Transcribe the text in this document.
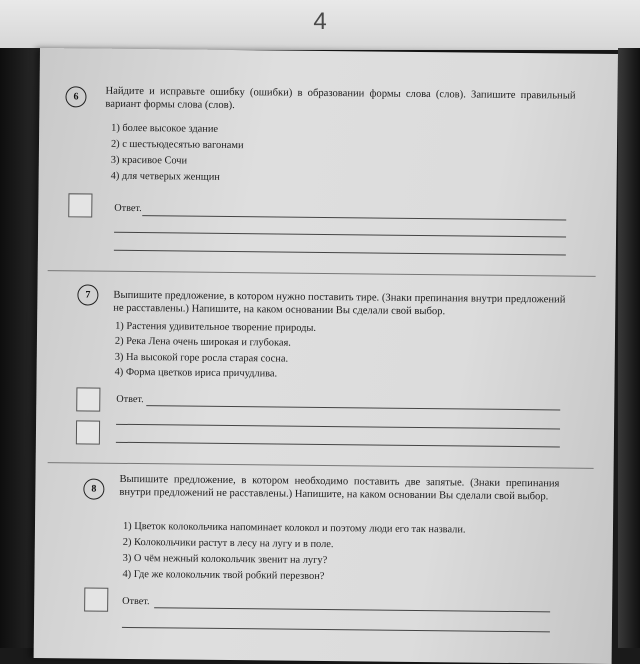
4
6	Найдите и исправьте ошибку (ошибки) в образовании формы слова (слов). Запишите правильный вариант формы слова (слов).
1) более высокое здание
2) с шестьюдесятью вагонами
3) красивое Сочи
4) для четверых женщин
Ответ.
7	Выпишите предложение, в котором нужно поставить тире. (Знаки препинания внутри предложений не расставлены.) Напишите, на каком основании Вы сделали свой выбор.
1) Растения удивительное творение природы.
2) Река Лена очень широкая и глубокая.
3) На высокой горе росла старая сосна.
4) Форма цветков ириса причудлива.
Ответ.
8	Выпишите предложение, в котором необходимо поставить две запятые. (Знаки препинания внутри предложений не расставлены.) Напишите, на каком основании Вы сделали свой выбор.
1) Цветок колокольчика напоминает колокол и поэтому люди его так назвали.
2) Колокольчики растут в лесу на лугу и в поле.
3) О чём нежный колокольчик звенит на лугу?
4) Где же колокольчик твой робкий перезвон?
Ответ.
